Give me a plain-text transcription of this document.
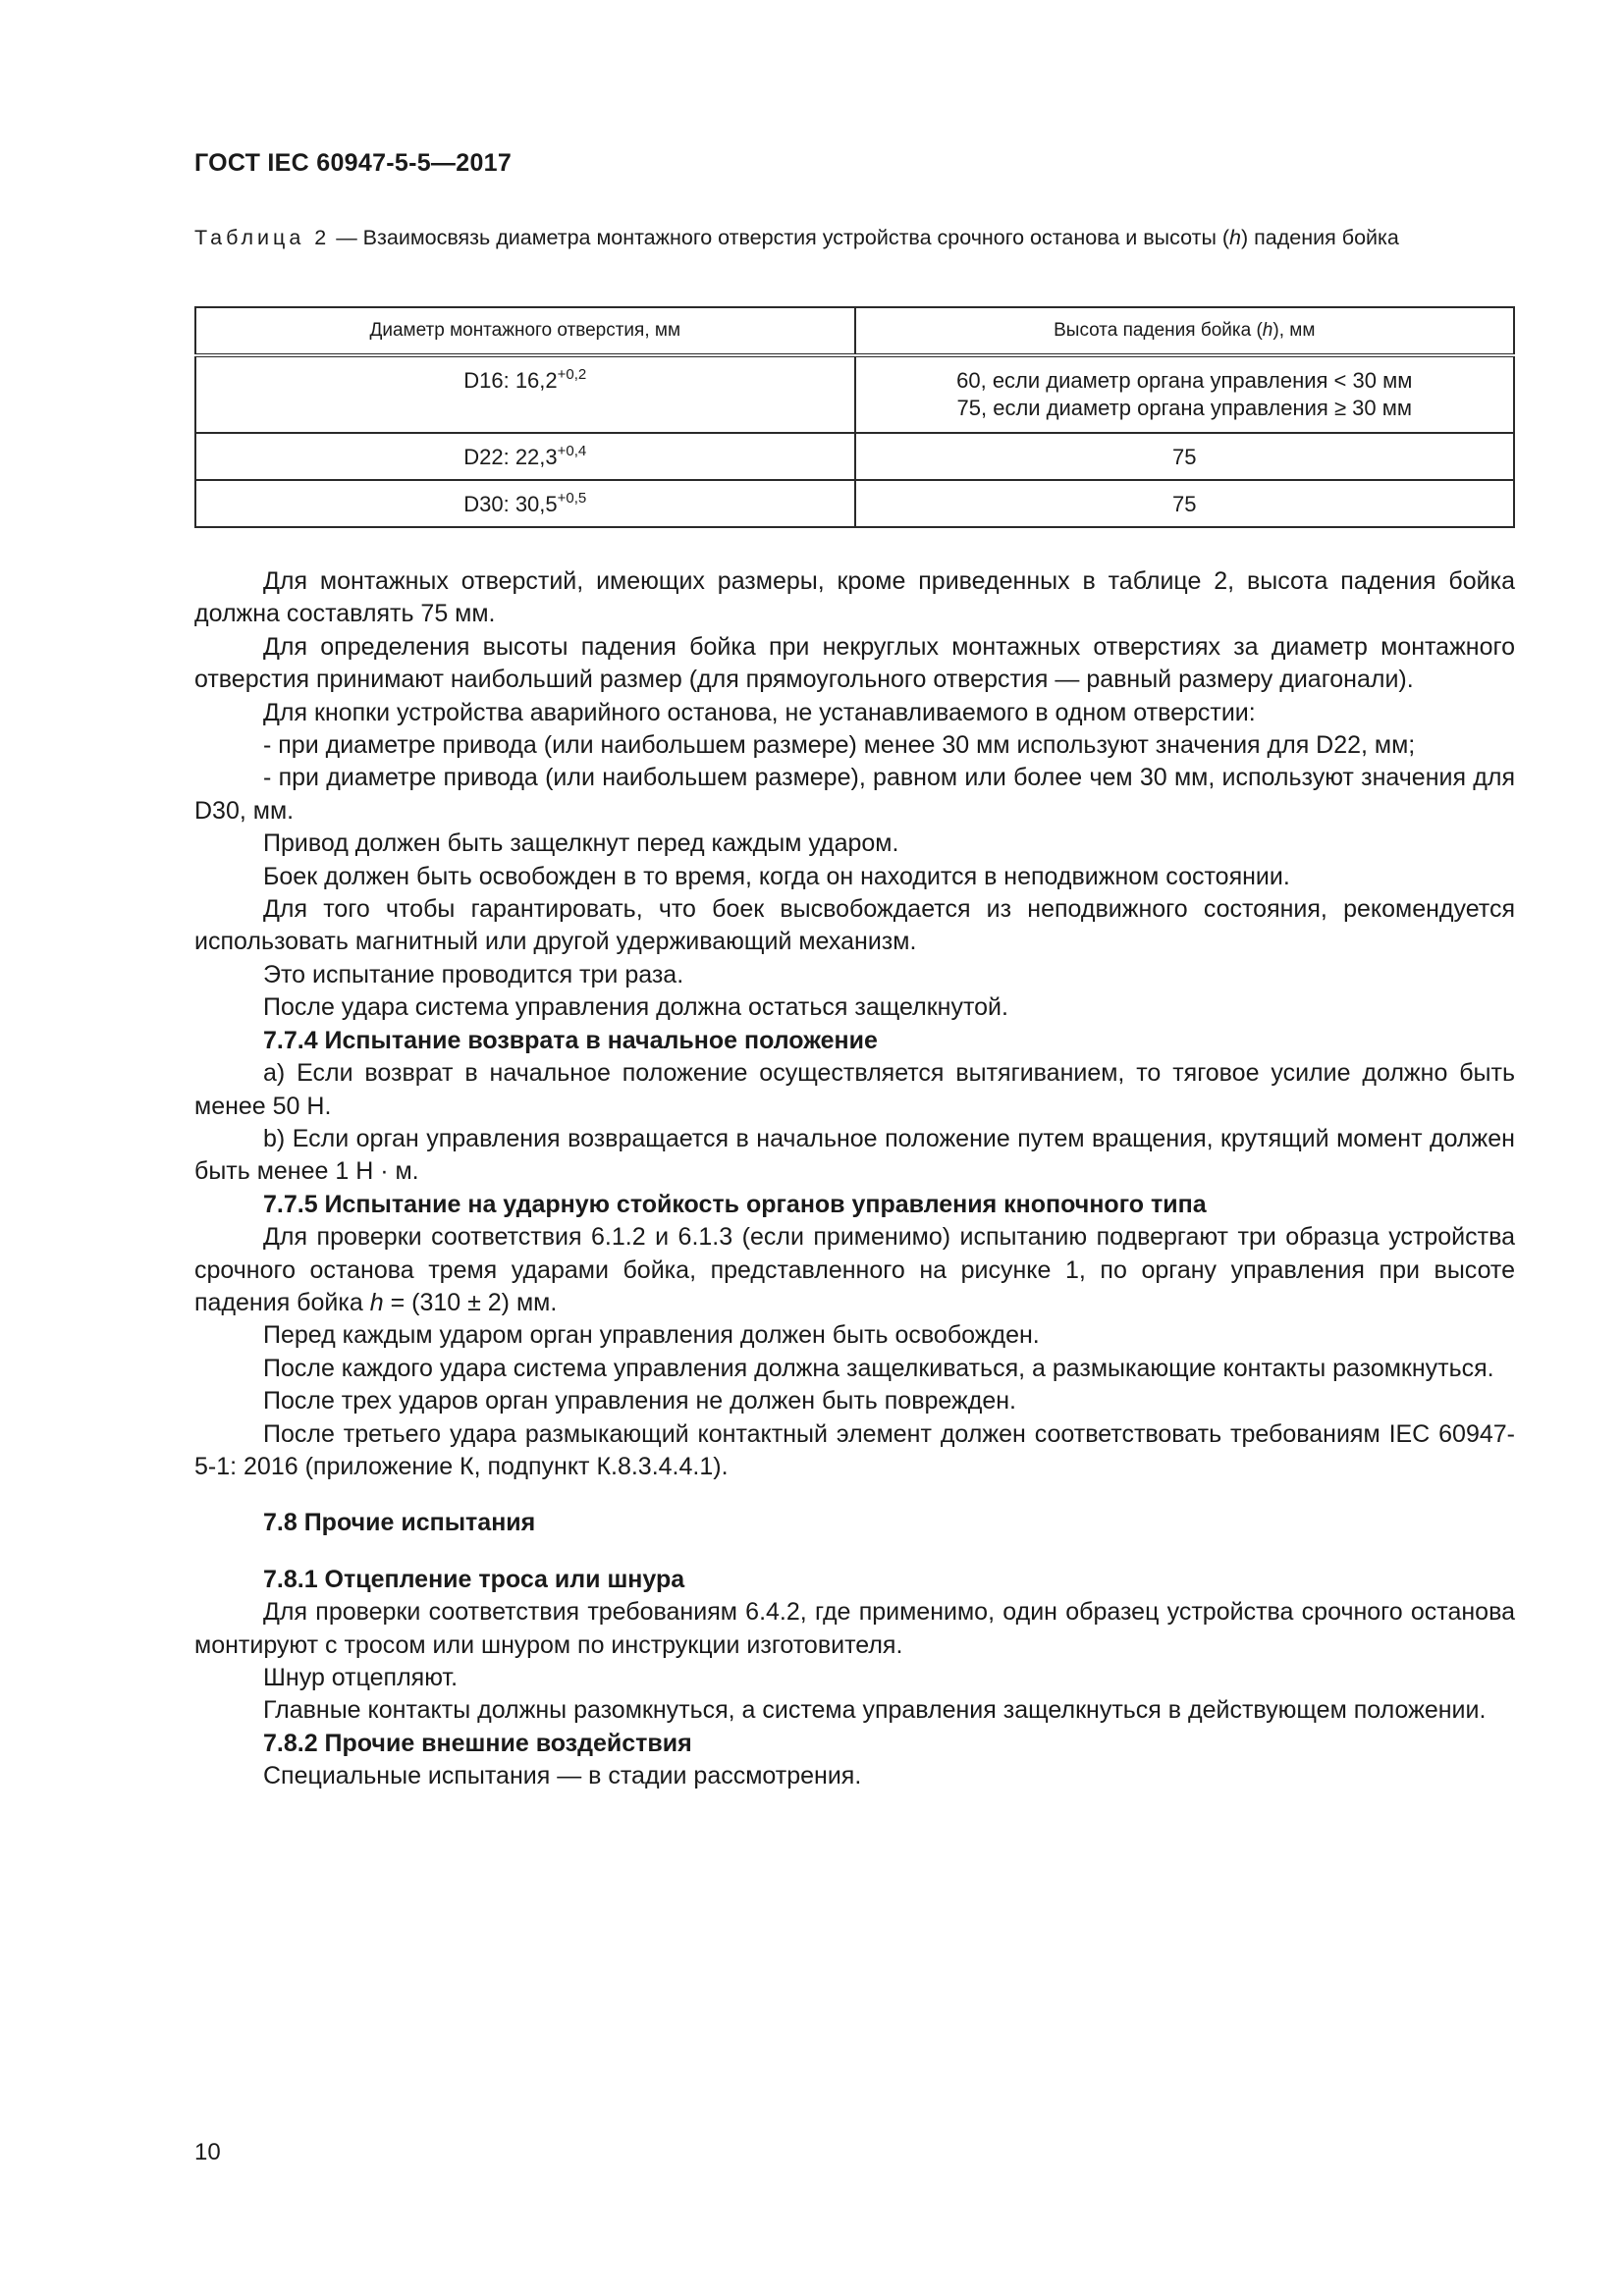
ГОСТ IEC 60947-5-5—2017
Таблица 2 — Взаимосвязь диаметра монтажного отверстия устройства срочного останова и высоты (h) падения бойка
Диаметр монтажного отверстия, мм	Высота падения бойка (h), мм
D16: $16,2^{+0,2}$	60, если диаметр органа управления < 30 мм
75, если диаметр органа управления ≥ 30 мм

D22: $22,3^{+0,4}$	75

D30: $30,5^{+0,5}$	75

Для монтажных отверстий, имеющих размеры, кроме приведенных в таблице 2, высота падения бойка должна составлять 75 мм.

Для определения высоты падения бойка при некруглых монтажных отверстиях за диаметр монтажного отверстия принимают наибольший размер (для прямоугольного отверстия — равный размеру диагонали).

Для кнопки устройства аварийного останова, не устанавливаемого в одном отверстии:

- при диаметре привода (или наибольшем размере) менее 30 мм используют значения для D22, мм;

- при диаметре привода (или наибольшем размере), равном или более чем 30 мм, используют значения для D30, мм.

Привод должен быть защелкнут перед каждым ударом.

Боек должен быть освобожден в то время, когда он находится в неподвижном состоянии.

Для того чтобы гарантировать, что боек высвобождается из неподвижного состояния, рекомендуется использовать магнитный или другой удерживающий механизм.

Это испытание проводится три раза.

После удара система управления должна остаться защелкнутой.

7.7.4 Испытание возврата в начальное положение

a) Если возврат в начальное положение осуществляется вытягиванием, то тяговое усилие должно быть менее 50 Н.

b) Если орган управления возвращается в начальное положение путем вращения, крутящий момент должен быть менее 1 Н · м.

7.7.5 Испытание на ударную стойкость органов управления кнопочного типа

Для проверки соответствия 6.1.2 и 6.1.3 (если применимо) испытанию подвергают три образца устройства срочного останова тремя ударами бойка, представленного на рисунке 1, по органу управления при высоте падения бойка h = (310 ± 2) мм.

Перед каждым ударом орган управления должен быть освобожден.

После каждого удара система управления должна защелкиваться, а размыкающие контакты разомкнуться.

После трех ударов орган управления не должен быть поврежден.

После третьего удара размыкающий контактный элемент должен соответствовать требованиям IEC 60947-5-1: 2016 (приложение К, подпункт К.8.3.4.4.1).

7.8 Прочие испытания

7.8.1 Отцепление троса или шнура

Для проверки соответствия требованиям 6.4.2, где применимо, один образец устройства срочного останова монтируют с тросом или шнуром по инструкции изготовителя.

Шнур отцепляют.

Главные контакты должны разомкнуться, а система управления защелкнуться в действующем положении.

7.8.2 Прочие внешние воздействия

Специальные испытания — в стадии рассмотрения.

10
